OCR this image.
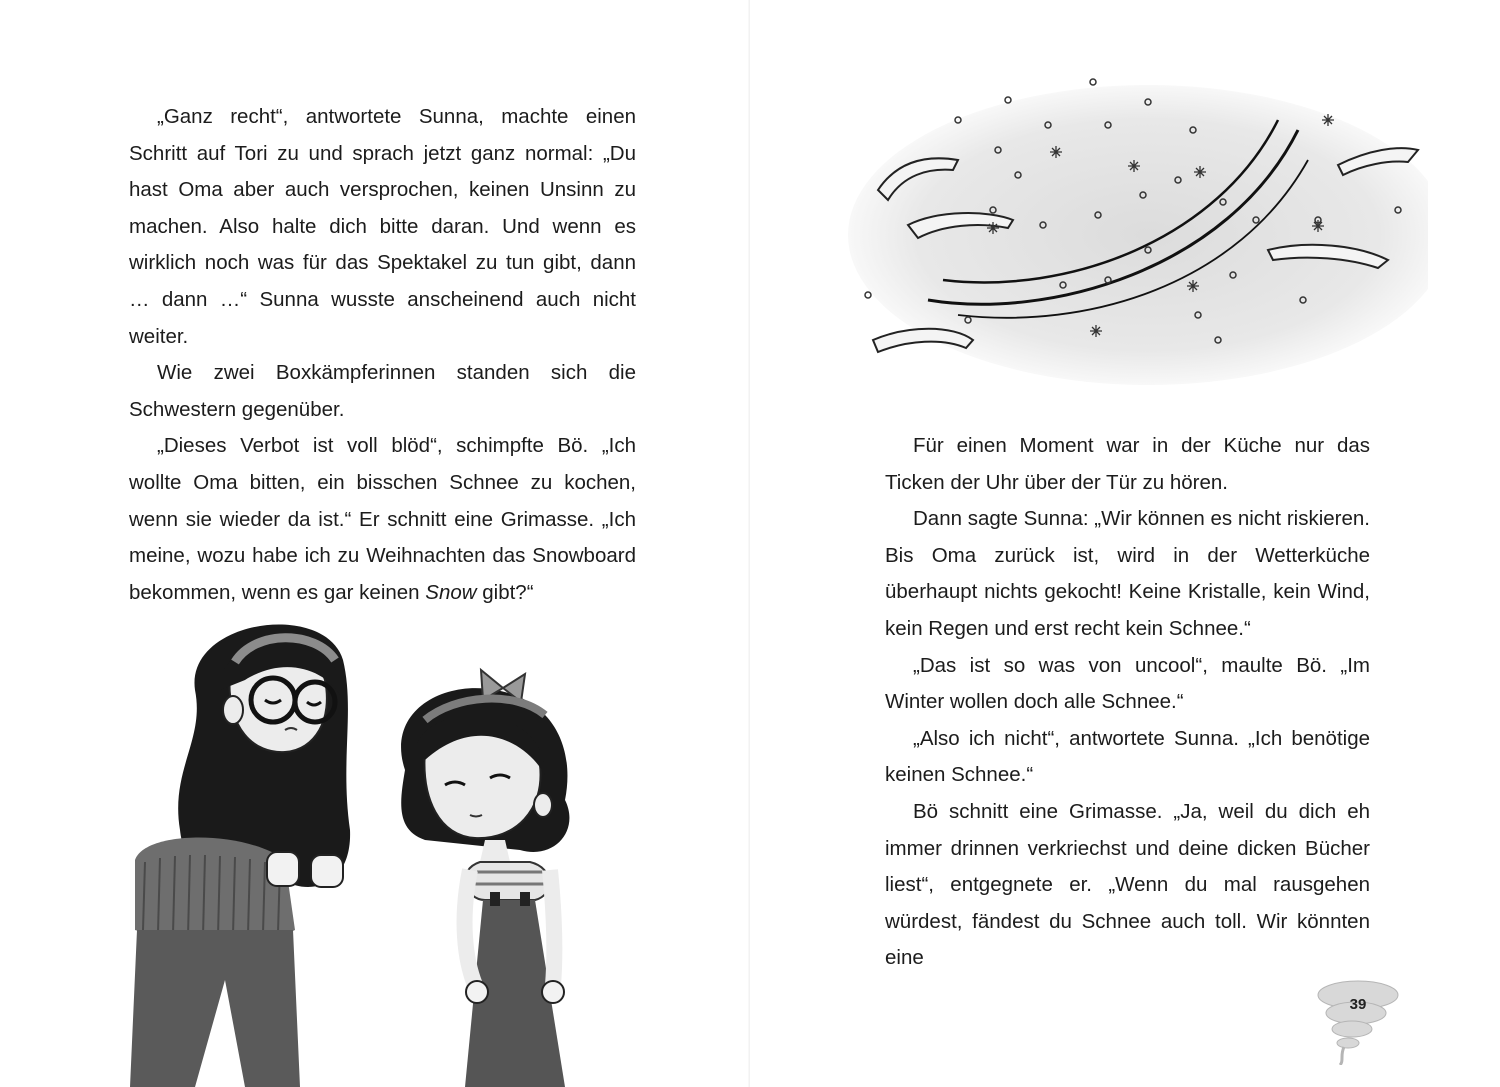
„Ganz recht“, antwortete Sunna, machte einen Schritt auf Tori zu und sprach jetzt ganz normal: „Du hast Oma aber auch versprochen, keinen Unsinn zu machen. Also halte dich bitte daran. Und wenn es wirklich noch was für das Spektakel zu tun gibt, dann … dann …“ Sunna wusste anscheinend auch nicht weiter.

Wie zwei Boxkämpferinnen standen sich die Schwestern gegenüber.

„Dieses Verbot ist voll blöd“, schimpfte Bö. „Ich wollte Oma bitten, ein bisschen Schnee zu kochen, wenn sie wieder da ist.“ Er schnitt eine Grimasse. „Ich meine, wozu habe ich zu Weihnachten das Snowboard bekommen, wenn es gar keinen Snow gibt?“

Für einen Moment war in der Küche nur das Ticken der Uhr über der Tür zu hören.

Dann sagte Sunna: „Wir können es nicht riskieren. Bis Oma zurück ist, wird in der Wetterküche überhaupt nichts gekocht! Keine Kristalle, kein Wind, kein Regen und erst recht kein Schnee.“

„Das ist so was von uncool“, maulte Bö. „Im Winter wollen doch alle Schnee.“

„Also ich nicht“, antwortete Sunna. „Ich benötige keinen Schnee.“

Bö schnitt eine Grimasse. „Ja, weil du dich eh immer drinnen verkriechst und deine dicken Bücher liest“, entgegnete er. „Wenn du mal rausgehen würdest, fändest du Schnee auch toll. Wir könnten eine

39
